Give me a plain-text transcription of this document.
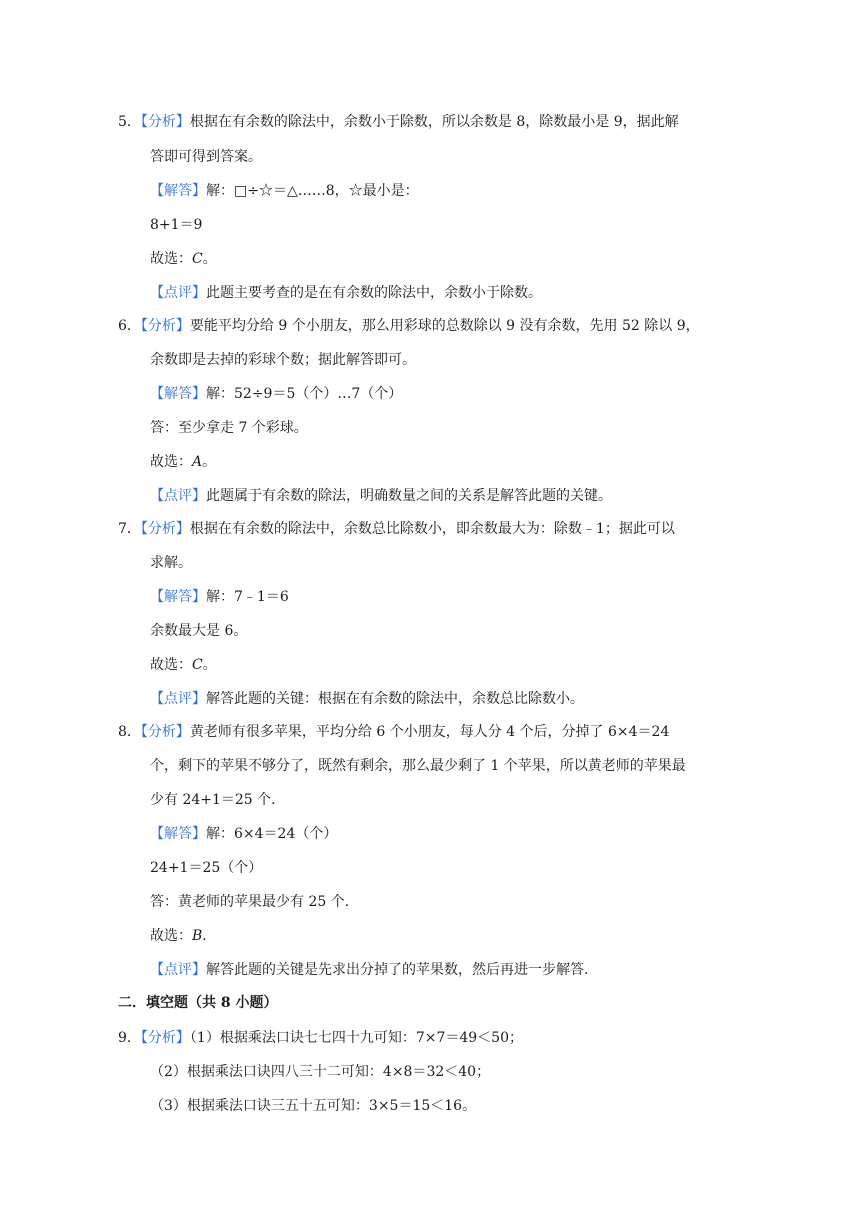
5．【分析】根据在有余数的除法中，余数小于除数，所以余数是 8，除数最小是 9，据此解
答即可得到答案。
【解答】解：□÷☆＝△……8，☆最小是：
8+1＝9
故选：C。
【点评】此题主要考查的是在有余数的除法中，余数小于除数。
6．【分析】要能平均分给 9 个小朋友，那么用彩球的总数除以 9 没有余数，先用 52 除以 9，
余数即是去掉的彩球个数；据此解答即可。
【解答】解：52÷9＝5（个）…7（个）
答：至少拿走 7 个彩球。
故选：A。
【点评】此题属于有余数的除法，明确数量之间的关系是解答此题的关键。
7．【分析】根据在有余数的除法中，余数总比除数小，即余数最大为：除数﹣1；据此可以
求解。
【解答】解：7﹣1＝6
余数最大是 6。
故选：C。
【点评】解答此题的关键：根据在有余数的除法中，余数总比除数小。
8．【分析】黄老师有很多苹果，平均分给 6 个小朋友，每人分 4 个后，分掉了 6×4＝24
个，剩下的苹果不够分了，既然有剩余，那么最少剩了 1 个苹果，所以黄老师的苹果最
少有 24+1＝25 个．
【解答】解：6×4＝24（个）
24+1＝25（个）
答：黄老师的苹果最少有 25 个．
故选：B．
【点评】解答此题的关键是先求出分掉了的苹果数，然后再进一步解答．
二．填空题（共 8 小题）
9．【分析】（1）根据乘法口诀七七四十九可知：7×7＝49＜50；
（2）根据乘法口诀四八三十二可知：4×8＝32＜40；
（3）根据乘法口诀三五十五可知：3×5＝15＜16。
